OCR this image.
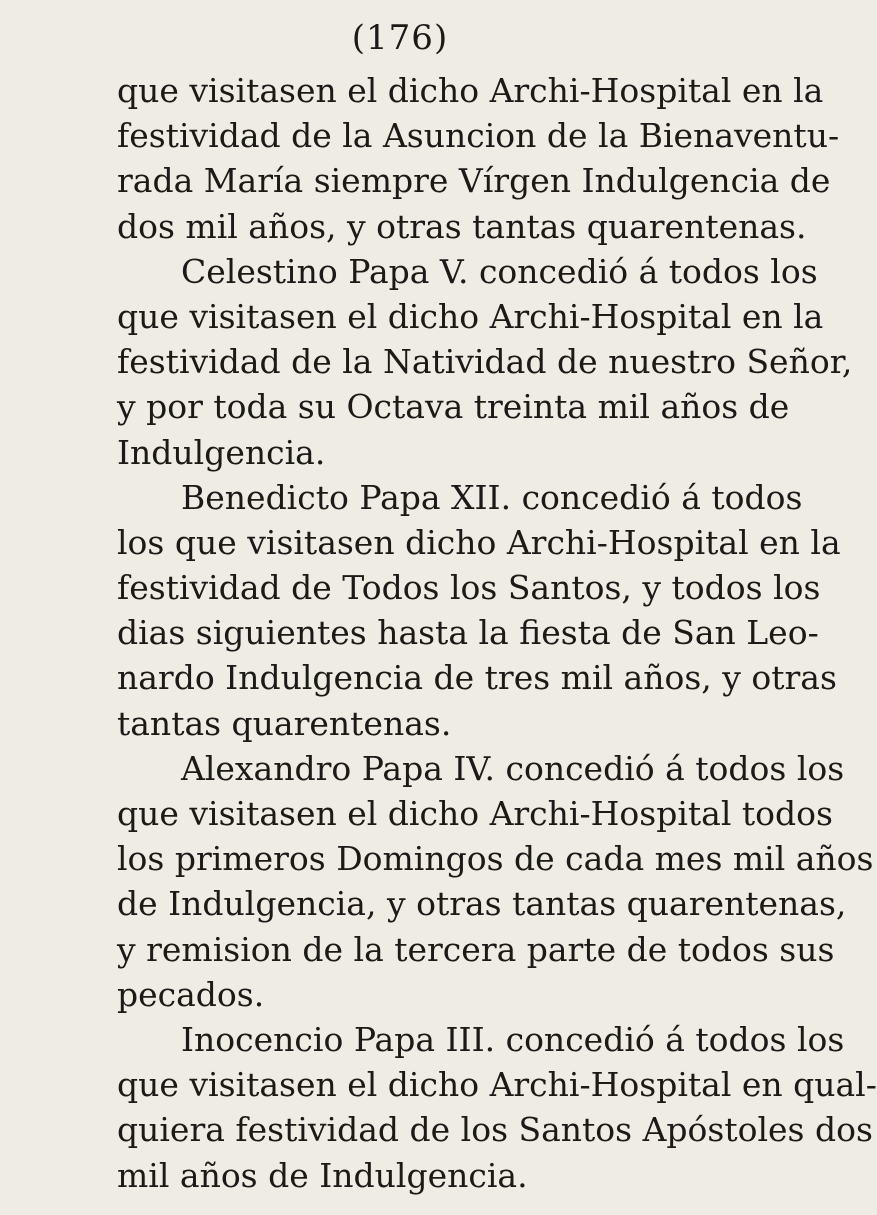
(176)
que visitasen el dicho Archi-Hospital en la
festividad de la Asuncion de la Bienaventu-
rada María siempre Vírgen Indulgencia de
dos mil años, y otras tantas quarentenas.
Celestino Papa V. concedió á todos los
que visitasen el dicho Archi-Hospital en la
festividad de la Natividad de nuestro Señor,
y por toda su Octava treinta mil años de
Indulgencia.
Benedicto Papa XII. concedió á todos
los que visitasen dicho Archi-Hospital en la
festividad de Todos los Santos, y todos los
dias siguientes hasta la fiesta de San Leo-
nardo Indulgencia de tres mil años, y otras
tantas quarentenas.
Alexandro Papa IV. concedió á todos los
que visitasen el dicho Archi-Hospital todos
los primeros Domingos de cada mes mil años
de Indulgencia, y otras tantas quarentenas,
y remision de la tercera parte de todos sus
pecados.
Inocencio Papa III. concedió á todos los
que visitasen el dicho Archi-Hospital en qual-
quiera festividad de los Santos Apóstoles dos
mil años de Indulgencia.
